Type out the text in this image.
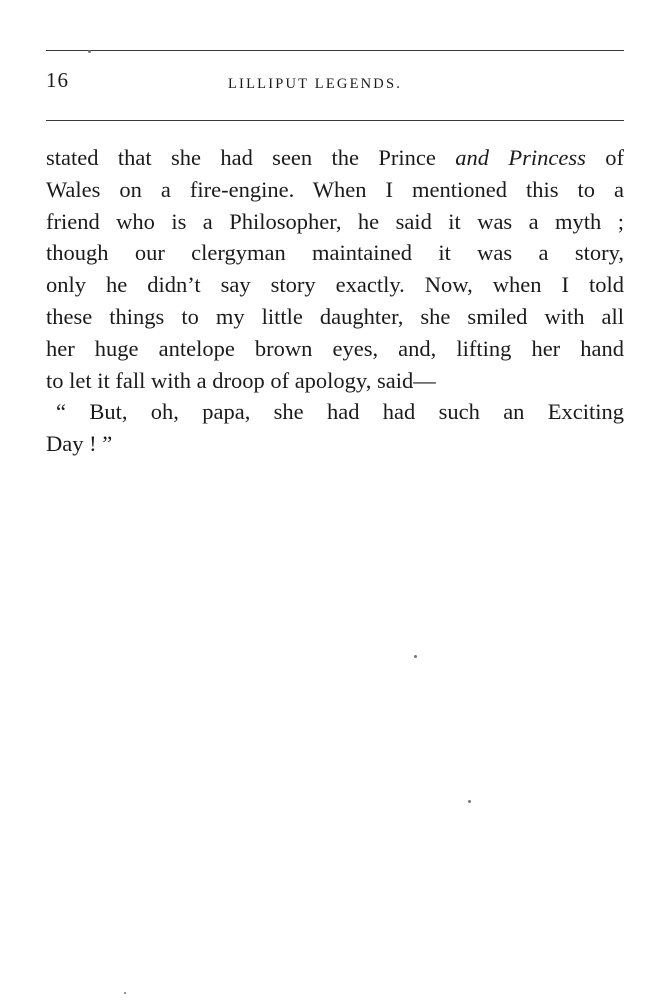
16	LILLIPUT LEGENDS.
stated that she had seen the Prince and Princess of
Wales on a fire-engine. When I mentioned this to a
friend who is a Philosopher, he said it was a myth ;
though our clergyman maintained it was a story,
only he didn’t say story exactly. Now, when I told
these things to my little daughter, she smiled with all
her huge antelope brown eyes, and, lifting her hand
to let it fall with a droop of apology, said—
“ But, oh, papa, she had had such an Exciting
Day ! ”
